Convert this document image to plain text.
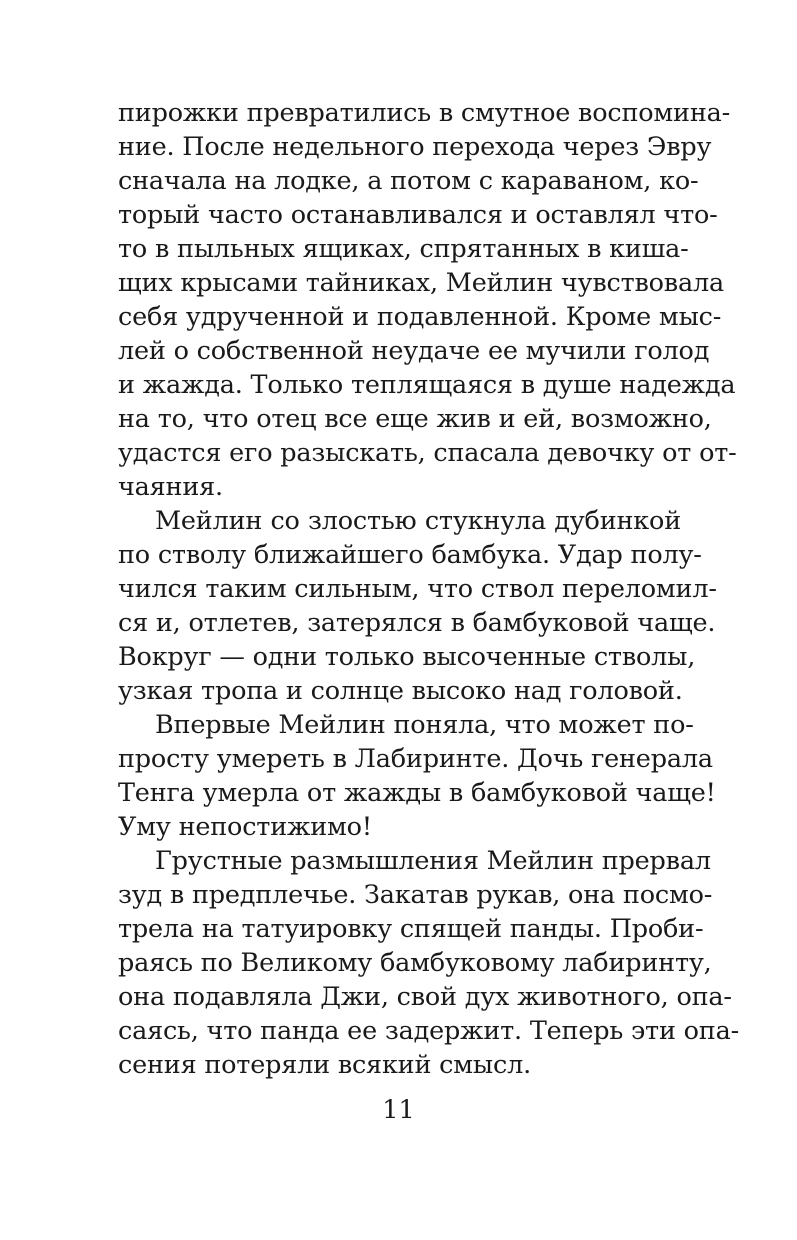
пирожки превратились в смутное воспомина-
ние. После недельного перехода через Эвру
сначала на лодке, а потом с караваном, ко-
торый часто останавливался и оставлял что-
то в пыльных ящиках, спрятанных в киша-
щих крысами тайниках, Мейлин чувствовала
себя удрученной и подавленной. Кроме мыс-
лей о собственной неудаче ее мучили голод
и жажда. Только теплящаяся в душе надежда
на то, что отец все еще жив и ей, возможно,
удастся его разыскать, спасала девочку от от-
чаяния.
Мейлин со злостью стукнула дубинкой
по стволу ближайшего бамбука. Удар полу-
чился таким сильным, что ствол переломил-
ся и, отлетев, затерялся в бамбуковой чаще.
Вокруг — одни только высоченные стволы,
узкая тропа и солнце высоко над головой.
Впервые Мейлин поняла, что может по-
просту умереть в Лабиринте. Дочь генерала
Тенга умерла от жажды в бамбуковой чаще!
Уму непостижимо!
Грустные размышления Мейлин прервал
зуд в предплечье. Закатав рукав, она посмо-
трела на татуировку спящей панды. Проби-
раясь по Великому бамбуковому лабиринту,
она подавляла Джи, свой дух животного, опа-
саясь, что панда ее задержит. Теперь эти опа-
сения потеряли всякий смысл.
11
